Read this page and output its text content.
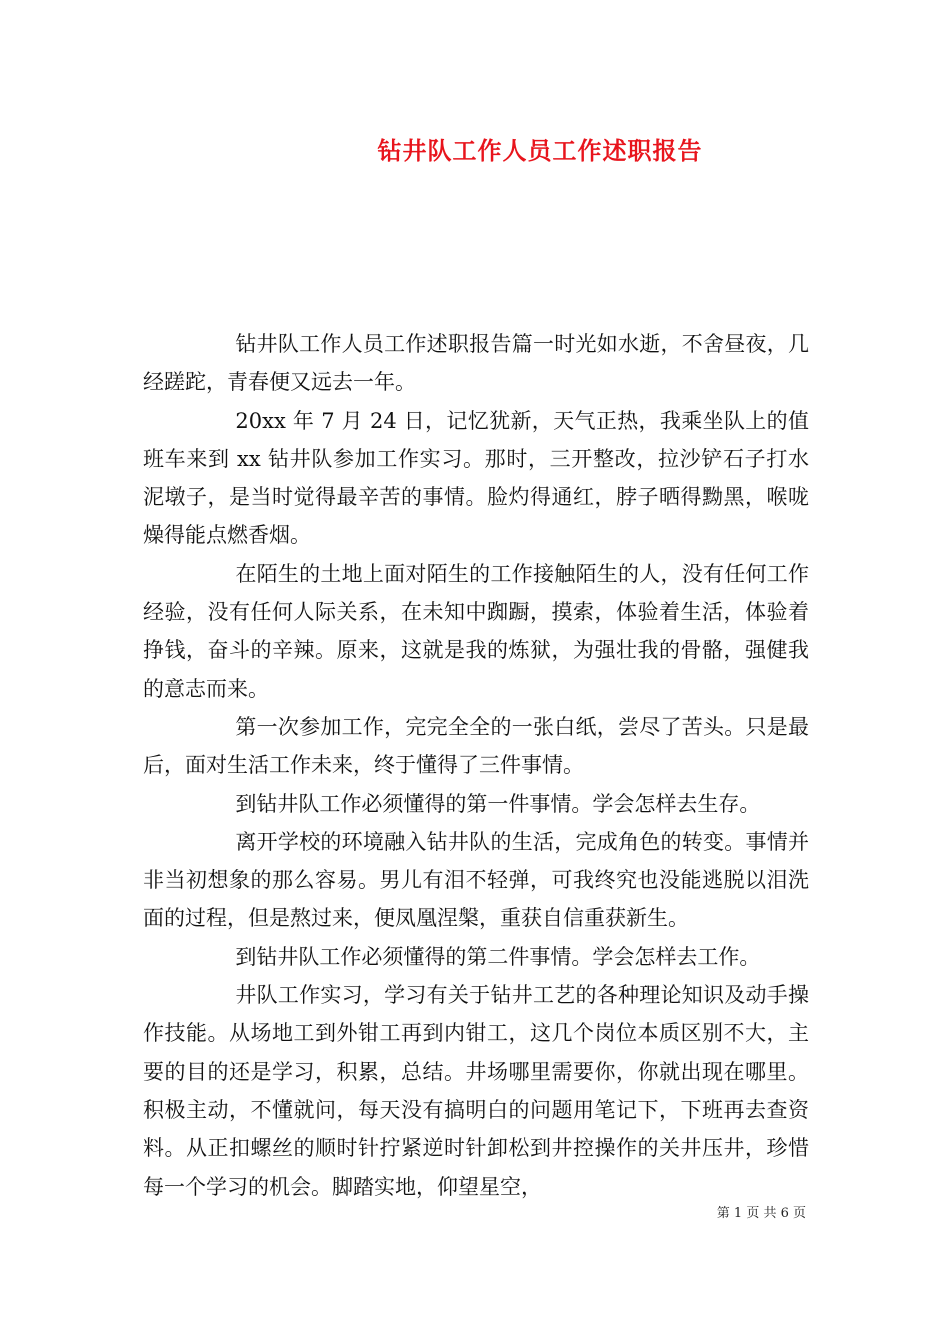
钻井队工作人员工作述职报告

钻井队工作人员工作述职报告篇一时光如水逝，不舍昼夜，几经蹉跎，青春便又远去一年。

20xx 年 7 月 24 日，记忆犹新，天气正热，我乘坐队上的值班车来到 xx 钻井队参加工作实习。那时，三开整改，拉沙铲石子打水泥墩子，是当时觉得最辛苦的事情。脸灼得通红，脖子晒得黝黑，喉咙燥得能点燃香烟。

在陌生的土地上面对陌生的工作接触陌生的人，没有任何工作经验，没有任何人际关系，在未知中踟蹰，摸索，体验着生活，体验着挣钱，奋斗的辛辣。原来，这就是我的炼狱，为强壮我的骨骼，强健我的意志而来。

第一次参加工作，完完全全的一张白纸，尝尽了苦头。只是最后，面对生活工作未来，终于懂得了三件事情。

到钻井队工作必须懂得的第一件事情。学会怎样去生存。

离开学校的环境融入钻井队的生活，完成角色的转变。事情并非当初想象的那么容易。男儿有泪不轻弹，可我终究也没能逃脱以泪洗面的过程，但是熬过来，便凤凰涅槃，重获自信重获新生。

到钻井队工作必须懂得的第二件事情。学会怎样去工作。

井队工作实习，学习有关于钻井工艺的各种理论知识及动手操作技能。从场地工到外钳工再到内钳工，这几个岗位本质区别不大，主要的目的还是学习，积累，总结。井场哪里需要你，你就出现在哪里。积极主动，不懂就问，每天没有搞明白的问题用笔记下，下班再去查资料。从正扣螺丝的顺时针拧紧逆时针卸松到井控操作的关井压井，珍惜每一个学习的机会。脚踏实地，仰望星空，

第 1 页 共 6 页
